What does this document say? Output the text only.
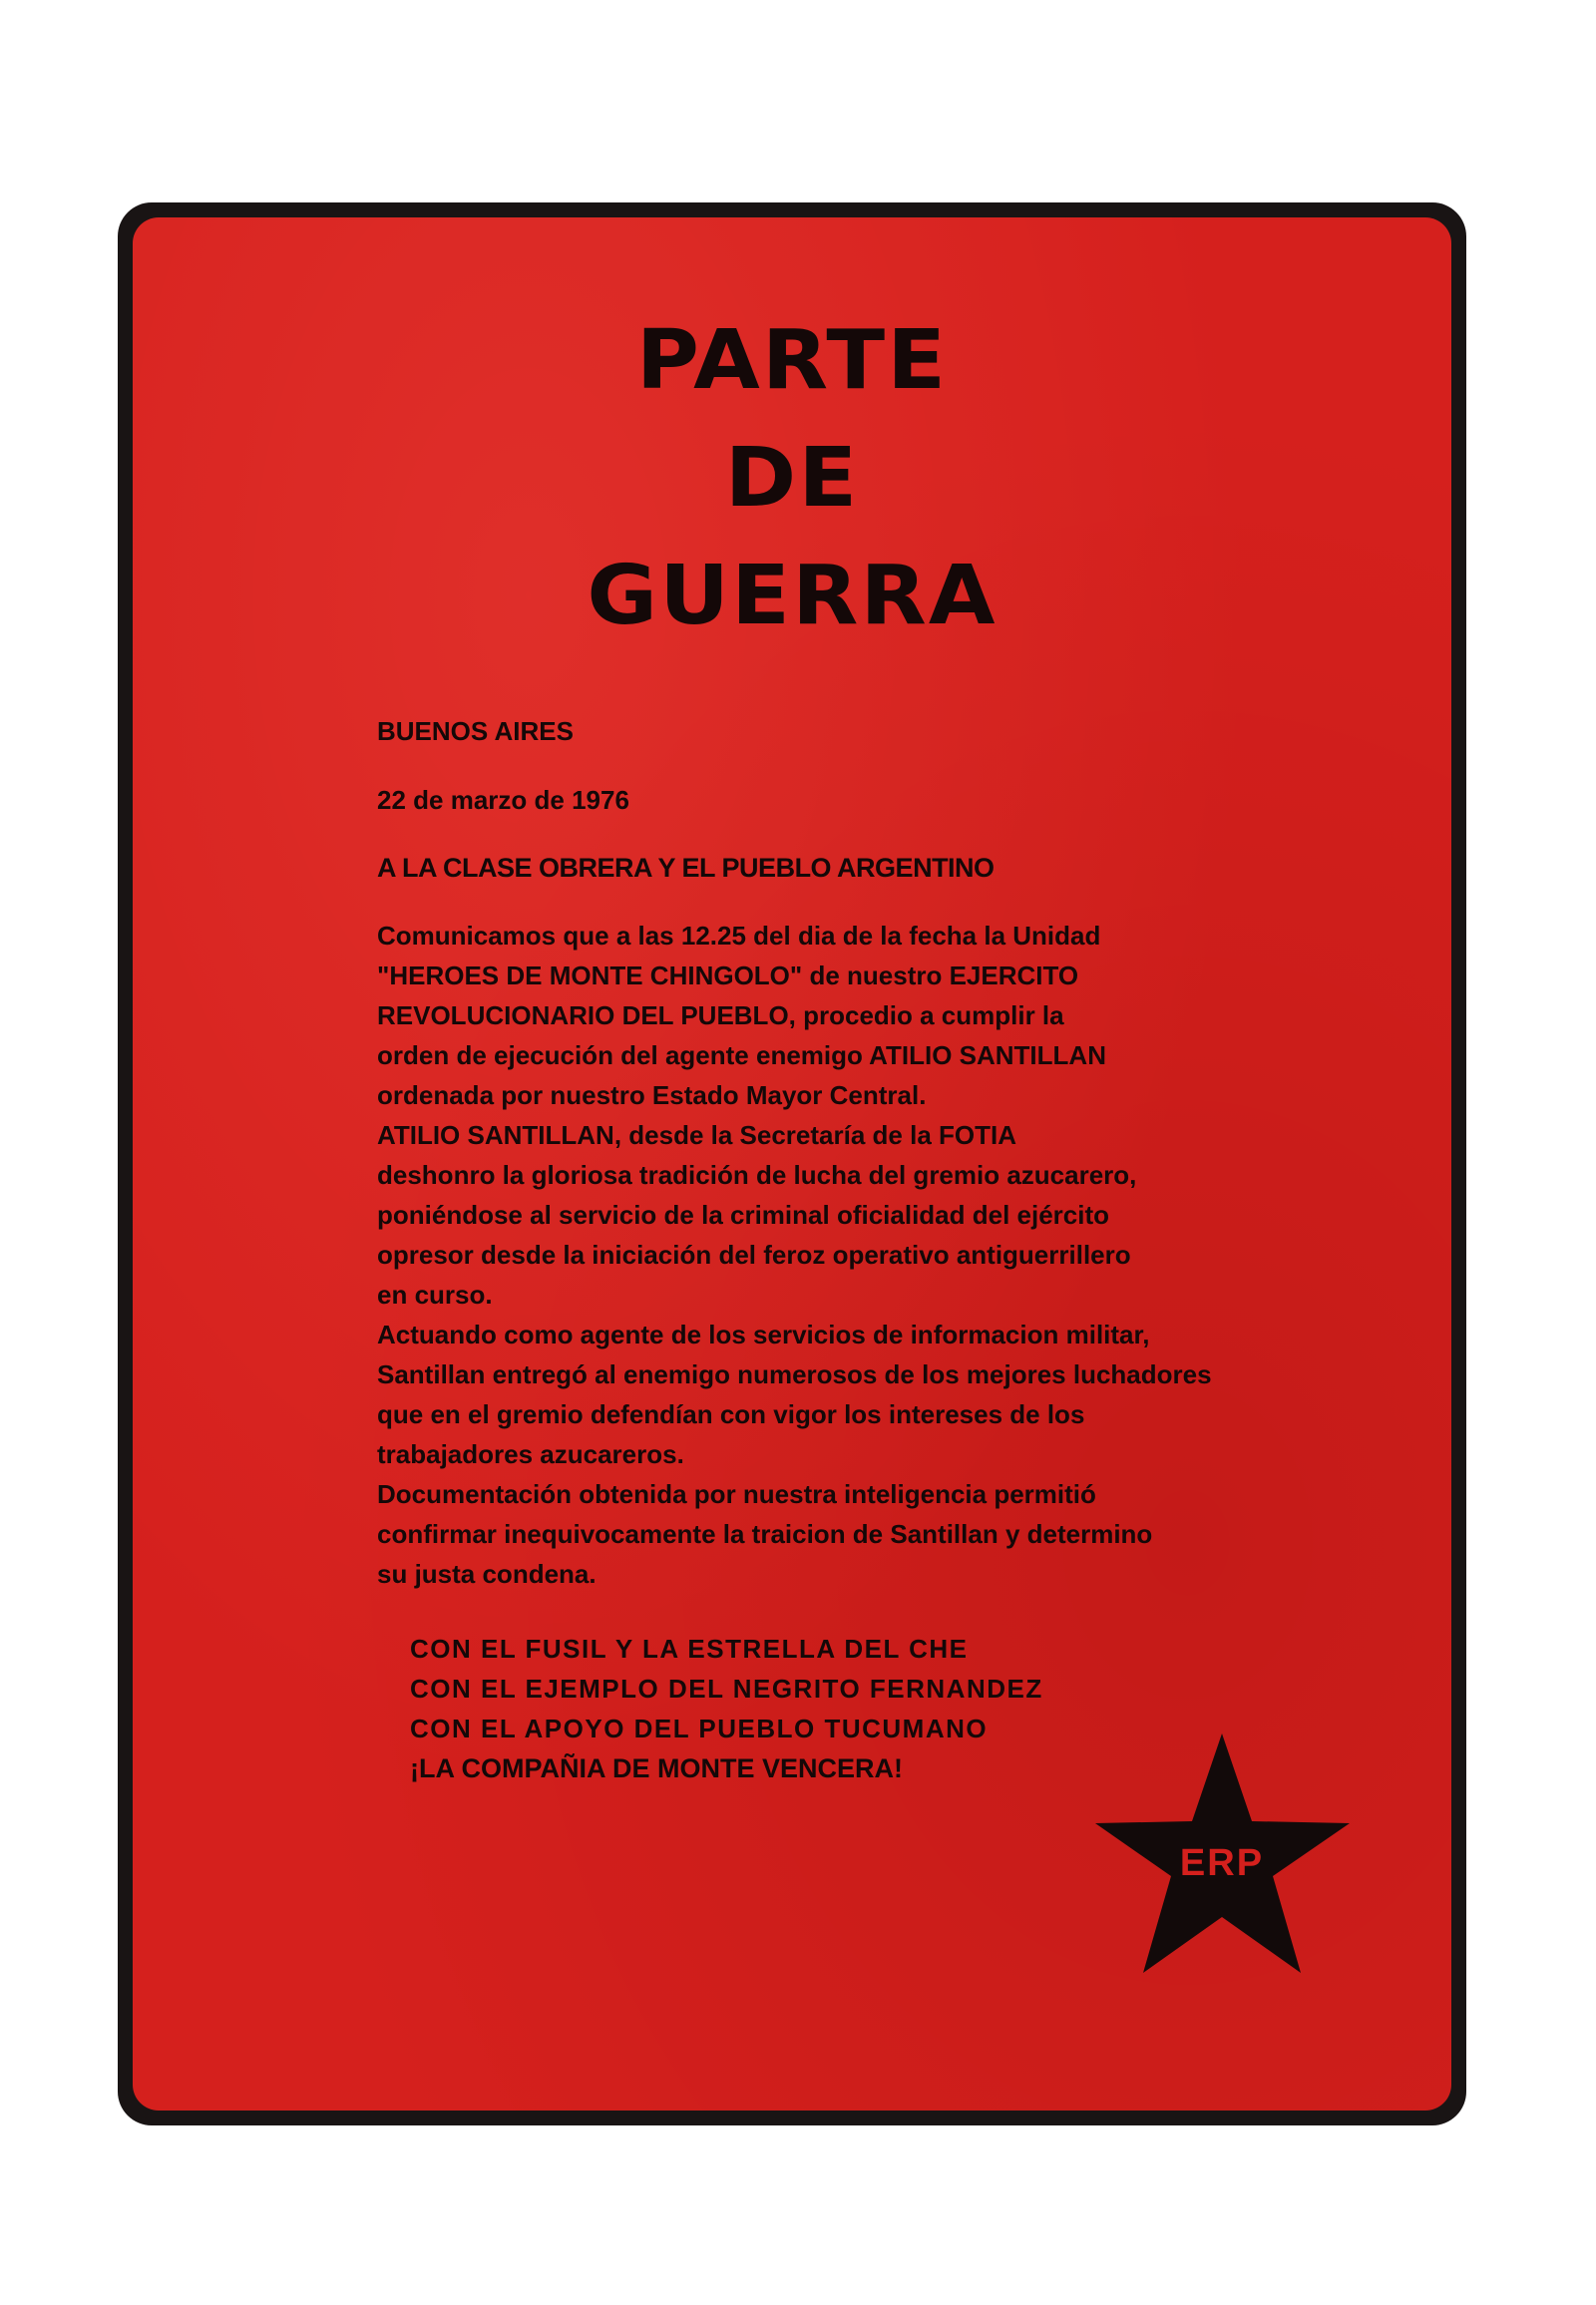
PARTE
DE
GUERRA
BUENOS AIRES
22 de marzo de 1976
A LA CLASE OBRERA Y EL PUEBLO ARGENTINO
Comunicamos que a las 12.25 del dia de la fecha la Unidad
"HEROES DE MONTE CHINGOLO" de nuestro EJERCITO
REVOLUCIONARIO DEL PUEBLO, procedio a cumplir la
orden de ejecución del agente enemigo ATILIO SANTILLAN
ordenada por nuestro Estado Mayor Central.
ATILIO SANTILLAN, desde la Secretaría de la FOTIA
deshonro la gloriosa tradición de lucha del gremio azucarero,
poniéndose al servicio de la criminal oficialidad del ejército
opresor desde la iniciación del feroz operativo antiguerrillero
en curso.
Actuando como agente de los servicios de informacion militar,
Santillan entregó al enemigo numerosos de los mejores luchadores
que en el gremio defendían con vigor los intereses de los
trabajadores azucareros.
Documentación obtenida por nuestra inteligencia permitió
confirmar inequivocamente la traicion de Santillan y determino
su justa condena.
CON EL FUSIL Y LA ESTRELLA DEL CHE
CON EL EJEMPLO DEL NEGRITO FERNANDEZ
CON EL APOYO DEL PUEBLO TUCUMANO
¡LA COMPAÑIA DE MONTE VENCERA!
ERP
